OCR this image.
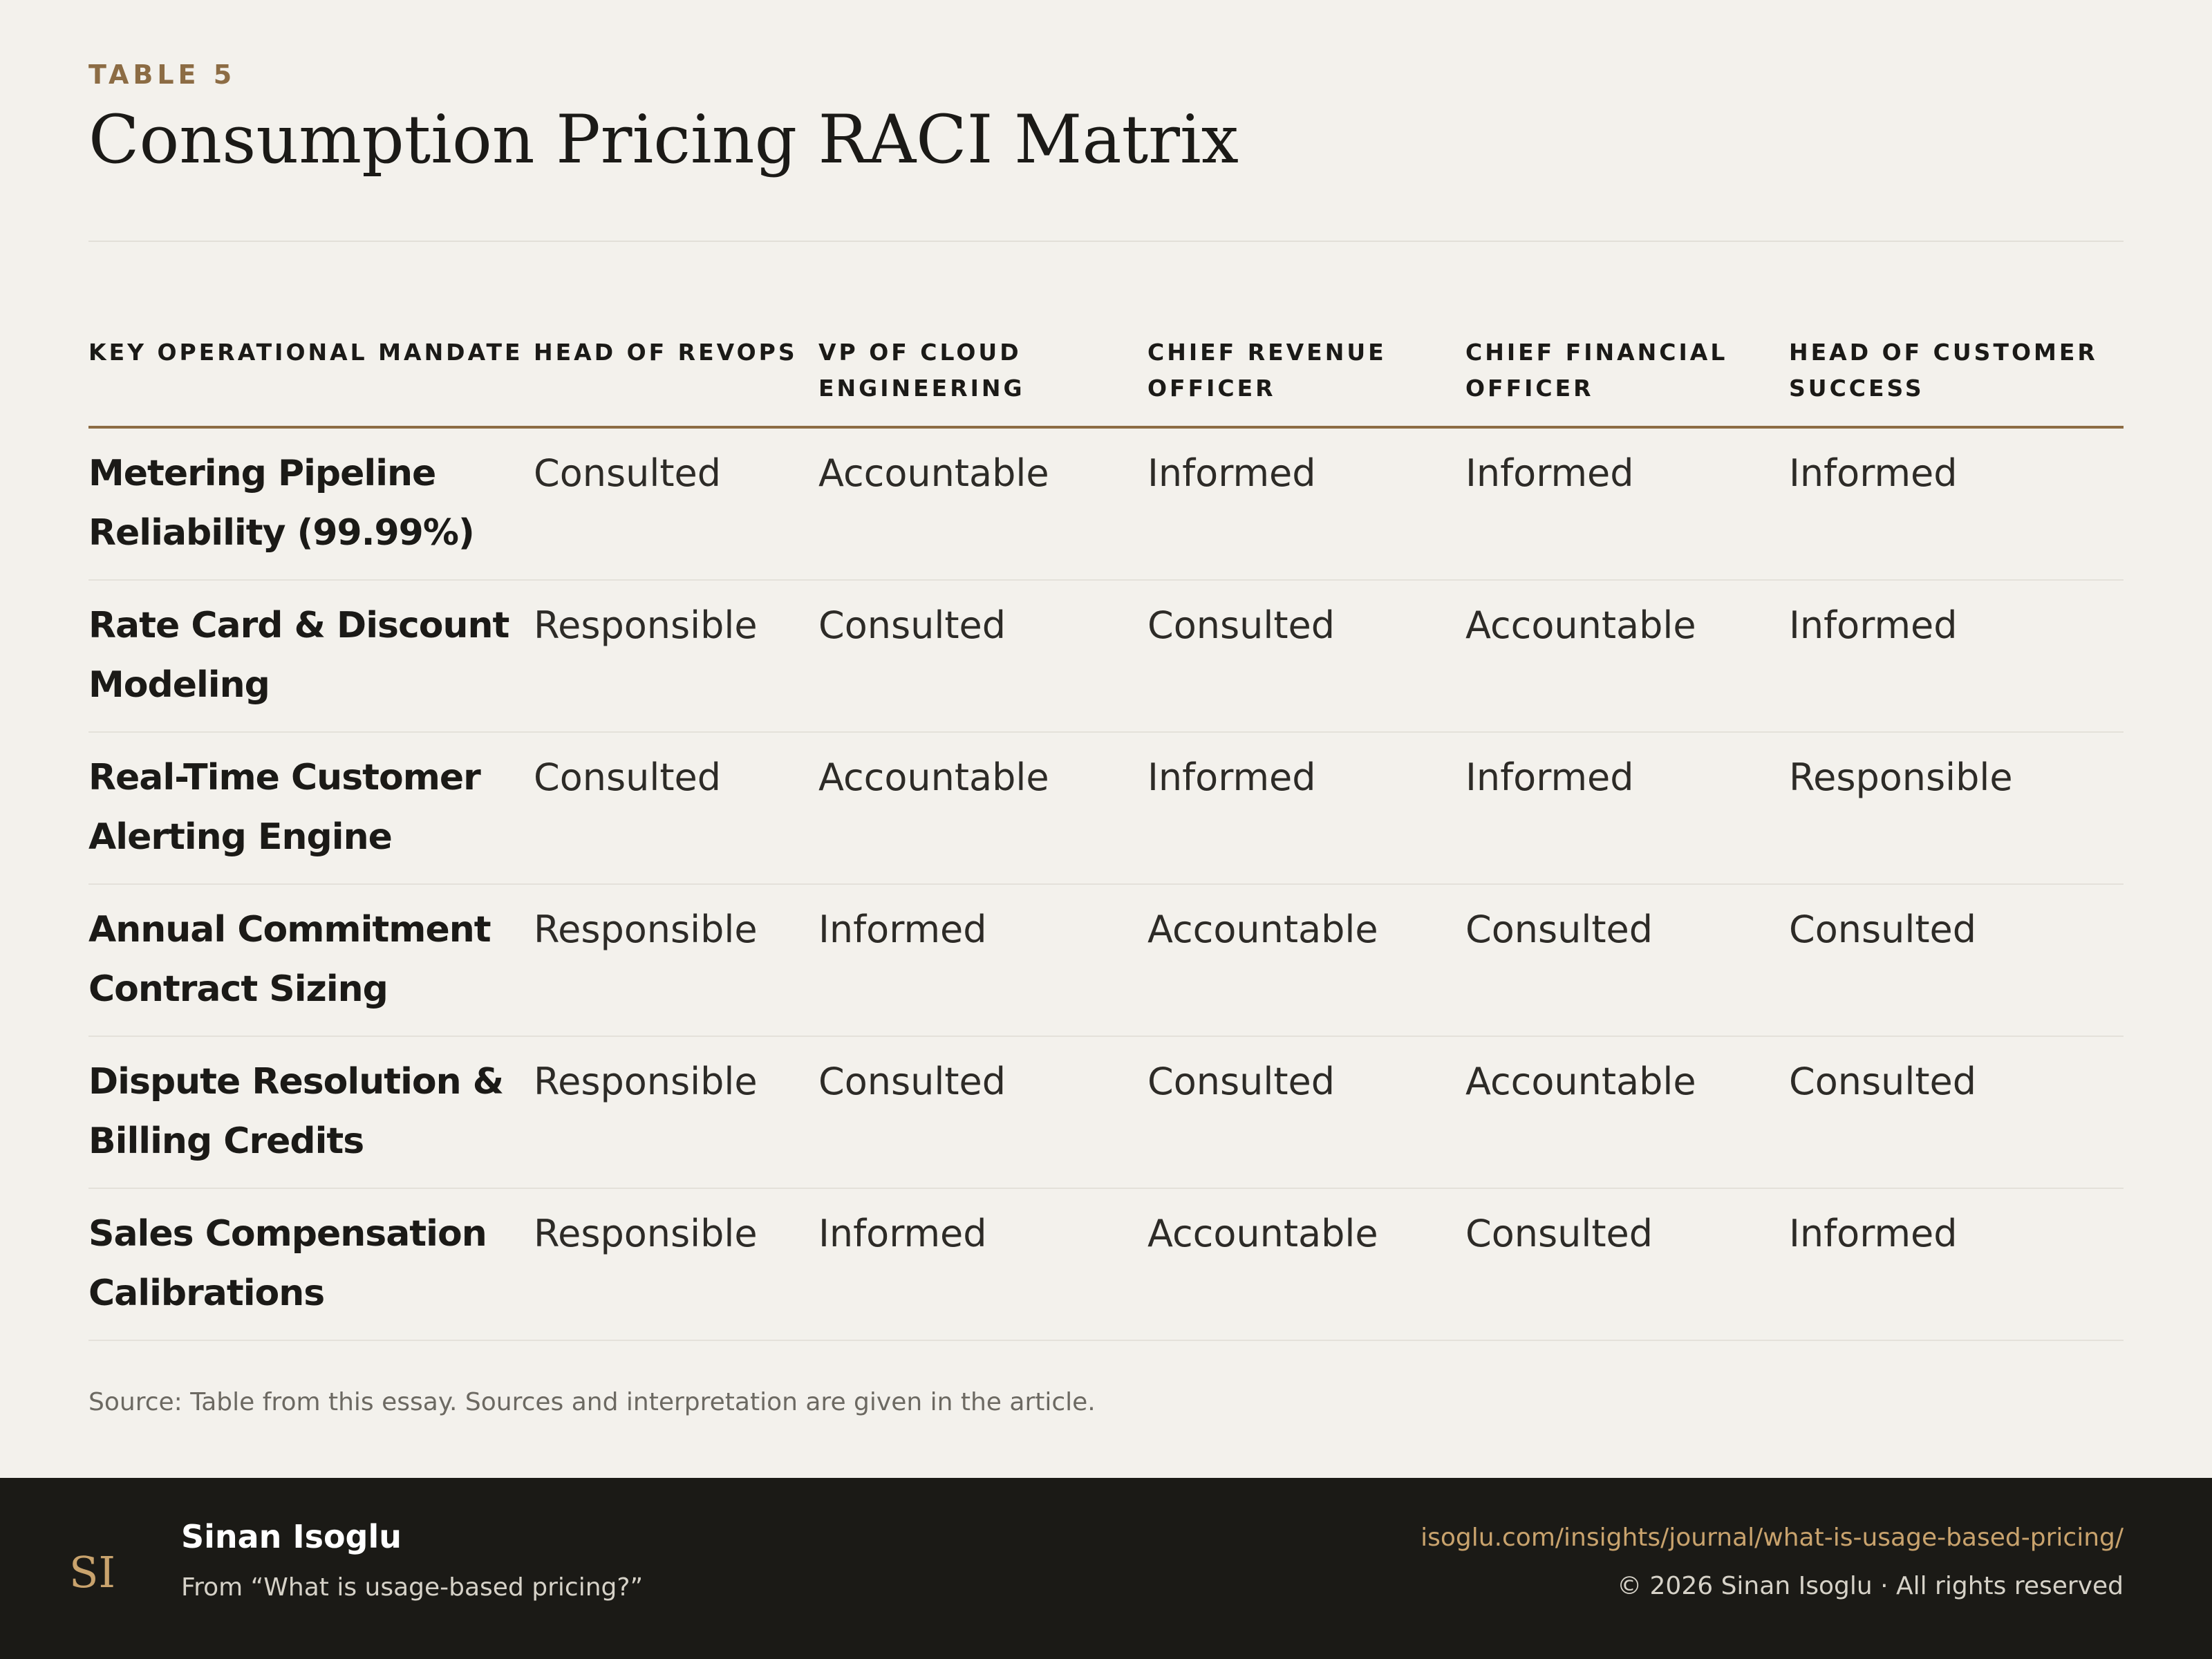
TABLE 5
Consumption Pricing RACI Matrix
KEY OPERATIONAL MANDATE	HEAD OF REVOPS	VP OF CLOUD ENGINEERING	CHIEF REVENUE OFFICER	CHIEF FINANCIAL OFFICER	HEAD OF CUSTOMER SUCCESS
Metering Pipeline Reliability (99.99%)	Consulted	Accountable	Informed	Informed	Informed
Rate Card & Discount Modeling	Responsible	Consulted	Consulted	Accountable	Informed
Real-Time Customer Alerting Engine	Consulted	Accountable	Informed	Informed	Responsible
Annual Commitment Contract Sizing	Responsible	Informed	Accountable	Consulted	Consulted
Dispute Resolution & Billing Credits	Responsible	Consulted	Consulted	Accountable	Consulted
Sales Compensation Calibrations	Responsible	Informed	Accountable	Consulted	Informed
Source: Table from this essay. Sources and interpretation are given in the article.
SI
Sinan Isoglu
From “What is usage-based pricing?”
isoglu.com/insights/journal/what-is-usage-based-pricing/
© 2026 Sinan Isoglu · All rights reserved
